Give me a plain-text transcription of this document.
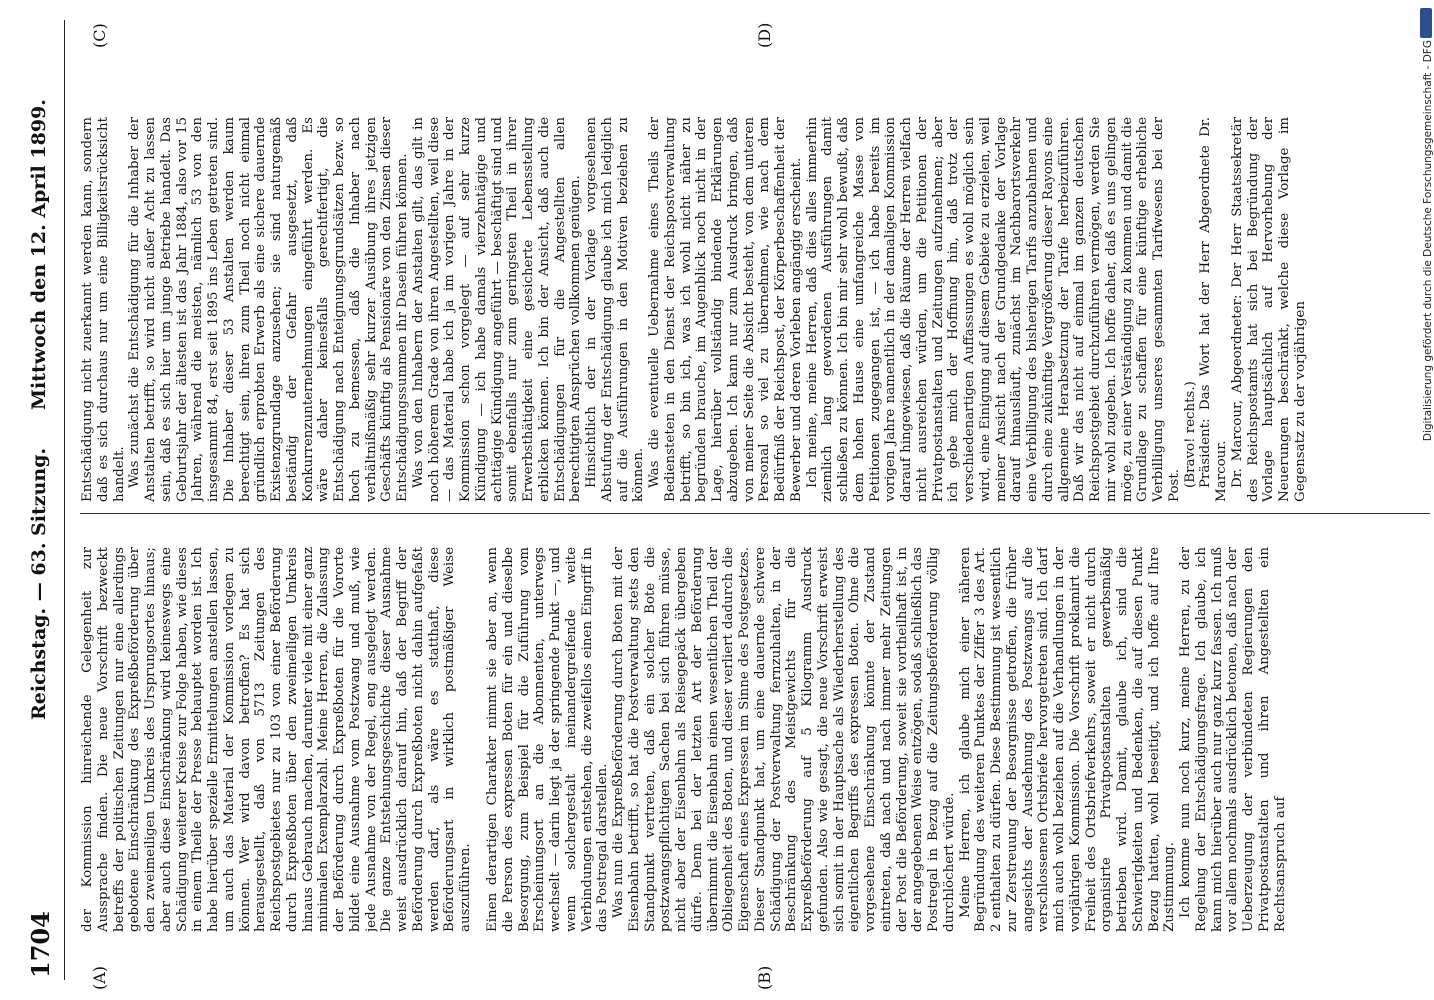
1704
Reichstag. — 63. Sitzung.
Mittwoch den 12. April 1899.
(A)	(B)
(C)	(D)

der Kommission hinreichende Gelegenheit zur Aussprache finden. Die neue Vorschrift bezweckt betreffs der politischen Zeitungen nur eine allerdings gebotene Einschränkung des Expreßbeförderung über den zweimeiligen Umkreis des Ursprungsortes hinaus; aber auch diese Einschränkung wird keineswegs eine Schädigung weiterer Kreise zur Folge haben, wie dieses in einem Theile der Presse behauptet worden ist. Ich habe hierüber spezielle Ermittelungen anstellen lassen, um auch das Material der Kommission vorlegen zu können. Wer wird davon betroffen? Es hat sich herausgestellt, daß von 5713 Zeitungen des Reichspostgebietes nur zu 103 von einer Beförderung durch Expreßboten über den zweimeiligen Umkreis hinaus Gebrauch machen, darunter viele mit einer ganz minimalen Exemplarzahl. Meine Herren, die Zulassung der Beförderung durch Expreßboten für die Vororte bildet eine Ausnahme vom Postzwang und muß, wie jede Ausnahme von der Regel, eng ausgelegt werden. Die ganze Entstehungsgeschichte dieser Ausnahme weist ausdrücklich darauf hin, daß der Begriff der Beförderung durch Expreßboten nicht dahin aufgefaßt werden darf, als wäre es statthaft, diese Beförderungsart in wirklich postmäßiger Weise auszuführen. Einen derartigen Charakter nimmt sie aber an, wenn die Person des expressen Boten für ein und dieselbe Besorgung, zum Beispiel für die Zuführung vom Erscheinungsort an die Abonnenten, unterwegs wechselt — darin liegt ja der springende Punkt —, und wenn solchergestalt ineinandergreifende weite Verbindungen entstehen, die zweifellos einen Eingriff in das Postregal darstellen. Was nun die Expreßbeförderung durch Boten mit der Eisenbahn betrifft, so hat die Postverwaltung stets den Standpunkt vertreten, daß ein solcher Bote die postzwangspflichtigen Sachen bei sich führen müsse, nicht aber der Eisenbahn als Reisegepäck übergeben dürfe. Denn bei der letzten Art der Beförderung übernimmt die Eisenbahn einen wesentlichen Theil der Obliegenheit des Boten, und dieser verliert dadurch die Eigenschaft eines Expressen im Sinne des Postgesetzes. Dieser Standpunkt hat, um eine dauernde schwere Schädigung der Postverwaltung fernzuhalten, in der Beschränkung des Meistgewichts für die Expreßbeförderung auf 5 Kilogramm Ausdruck gefunden. Also wie gesagt, die neue Vorschrift erweist sich somit in der Hauptsache als Wiederherstellung des eigentlichen Begriffs des expressen Boten. Ohne die vorgesehene Einschränkung könnte der Zustand eintreten, daß nach und nach immer mehr Zeitungen der Post die Beförderung, soweit sie vortheilhaft ist, in der angegebenen Weise entzögen, sodaß schließlich das Postregal in Bezug auf die Zeitungsbeförderung völlig durchlöchert würde. Meine Herren, ich glaube mich einer näheren Begründung des weiteren Punktes der Ziffer 3 des Art. 2 enthalten zu dürfen. Diese Bestimmung ist wesentlich zur Zerstreuung der Besorgnisse getroffen, die früher angesichts der Ausdehnung des Postzwangs auf die verschlossenen Ortsbriefe hervorgetreten sind. Ich darf mich auch wohl beziehen auf die Verhandlungen in der vorjährigen Kommission. Die Vorschrift proklamirt die Freiheit des Ortsbriefverkehrs, soweit er nicht durch organisirte Privatpostanstalten gewerbsmäßig betrieben wird. Damit, glaube ich, sind die Schwierigkeiten und Bedenken, die auf diesen Punkt Bezug hatten, wohl beseitigt, und ich hoffe auf Ihre Zustimmung. Ich komme nun noch kurz, meine Herren, zu der Regelung der Entschädigungsfrage. Ich glaube, ich kann mich hierüber auch nur ganz kurz fassen. Ich muß vor allem nochmals ausdrücklich betonen, daß nach der Ueberzeugung der verbündeten Regierungen den Privatpostanstalten und ihren Angestellten ein Rechtsanspruch auf

Entschädigung nicht zuerkannt werden kann, sondern daß es sich durchaus nur um eine Billigkeitsrücksicht handelt. Was zunächst die Entschädigung für die Inhaber der Anstalten betrifft, so wird nicht außer Acht zu lassen sein, daß es sich hier um junge Betriebe handelt. Das Geburtsjahr der ältesten ist das Jahr 1884, also vor 15 Jahren, während die meisten, nämlich 53 von den insgesammt 84, erst seit 1895 ins Leben getreten sind. Die Inhaber dieser 53 Anstalten werden kaum berechtigt sein, ihren zum Theil noch nicht einmal gründlich erprobten Erwerb als eine sichere dauernde Existenzgrundlage anzusehen; sie sind naturgemäß beständig der Gefahr ausgesetzt, daß Konkurrenzunternehmungen eingeführt werden. Es wäre daher keinesfalls gerechtfertigt, die Entschädigung nach Enteignungsgrundsätzen bezw. so hoch zu bemessen, daß die Inhaber nach verhältnißmäßig sehr kurzer Ausübung ihres jetzigen Geschäfts künftig als Pensionäre von den Zinsen dieser Entschädigungssummen ihr Dasein führen können. Was von den Inhabern der Anstalten gilt, das gilt in noch höherem Grade von ihren Angestellten, weil diese — das Material habe ich ja im vorigen Jahre in der Kommission schon vorgelegt — auf sehr kurze Kündigung — ich habe damals vierzehntägige und achttägige Kündigung angeführt — beschäftigt sind und somit ebenfalls nur zum geringsten Theil in ihrer Erwerbsthätigkeit eine gesicherte Lebensstellung erblicken können. Ich bin der Ansicht, daß auch die Entschädigungen für die Angestellten allen berechtigten Ansprüchen vollkommen genügen. Hinsichtlich der in der Vorlage vorgesehenen Abstufung der Entschädigung glaube ich mich lediglich auf die Ausführungen in den Motiven beziehen zu können. Was die eventuelle Uebernahme eines Theils der Bediensteten in den Dienst der Reichspostverwaltung betrifft, so bin ich, was ich wohl nicht näher zu begründen brauche, im Augenblick noch nicht in der Lage, hierüber vollständig bindende Erklärungen abzugeben. Ich kann nur zum Ausdruck bringen, daß von meiner Seite die Absicht besteht, von dem unteren Personal so viel zu übernehmen, wie nach dem Bedürfniß der Reichspost, der Körperbeschaffenheit der Bewerber und deren Vorleben angängig erscheint. Ich meine, meine Herren, daß dies alles immerhin ziemlich lang gewordenen Ausführungen damit schließen zu können. Ich bin mir sehr wohl bewußt, daß dem hohen Hause eine umfangreiche Masse von Petitionen zugegangen ist, — ich habe bereits im vorigen Jahre namentlich in der damaligen Kommission darauf hingewiesen, daß die Räume der Herren vielfach nicht ausreichen würden, um die Petitionen der Privatpostanstalten und Zeitungen aufzunehmen; aber ich gebe mich der Hoffnung hin, daß trotz der verschiedenartigen Auffassungen es wohl möglich sein wird, eine Einigung auf diesem Gebiete zu erzielen, weil meiner Ansicht nach der Grundgedanke der Vorlage darauf hinausläuft, zunächst im Nachbarortsverkehr eine Verbilligung des bisherigen Tarifs anzubahnen und durch eine zukünftige Vergrößerung dieser Rayons eine allgemeine Herabsetzung der Tarife herbeizuführen. Daß wir das nicht auf einmal im ganzen deutschen Reichspostgebiet durchzuführen vermögen, werden Sie mir wohl zugeben. Ich hoffe daher, daß es uns gelingen möge, zu einer Verständigung zu kommen und damit die Grundlage zu schaffen für eine künftige erhebliche Verbilligung unseres gesammten Tarifwesens bei der Post. (Bravo! rechts.) Präsident: Das Wort hat der Herr Abgeordnete Dr. Marcour. Dr. Marcour, Abgeordneter: Der Herr Staatssekretär des Reichspostamts hat sich bei Begründung der Vorlage hauptsächlich auf Hervorhebung der Neuerungen beschränkt, welche diese Vorlage im Gegensatz zu der vorjährigen	Digitalisierung gefördert durch die Deutsche Forschungsgemeinschaft - DFG
